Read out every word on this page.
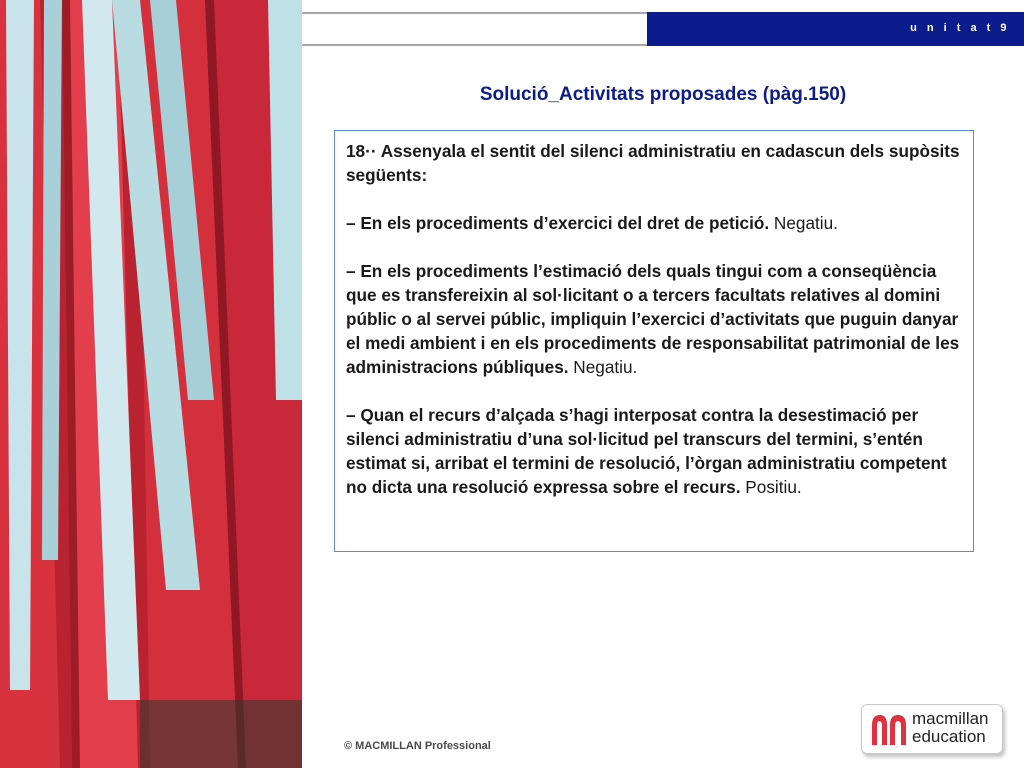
u n i t a t 9
Solució_Activitats proposades (pàg.150)

18·· Assenyala el sentit del silenci administratiu en cadascun dels supòsits següents:

– En els procediments d’exercici del dret de petició. Negatiu.

– En els procediments l’estimació dels quals tingui com a conseqüència que es transfereixin al sol·licitant o a tercers facultats relatives al domini públic o al servei públic, impliquin l’exercici d’activitats que puguin danyar el medi ambient i en els procediments de responsabilitat patrimonial de les administracions públiques. Negatiu.

– Quan el recurs d’alçada s’hagi interposat contra la desestimació per silenci administratiu d’una sol·licitud pel transcurs del termini, s’entén estimat si, arribat el termini de resolució, l’òrgan administratiu competent no dicta una resolució expressa sobre el recurs. Positiu.

© MACMILLAN Professional
macmillan
education
